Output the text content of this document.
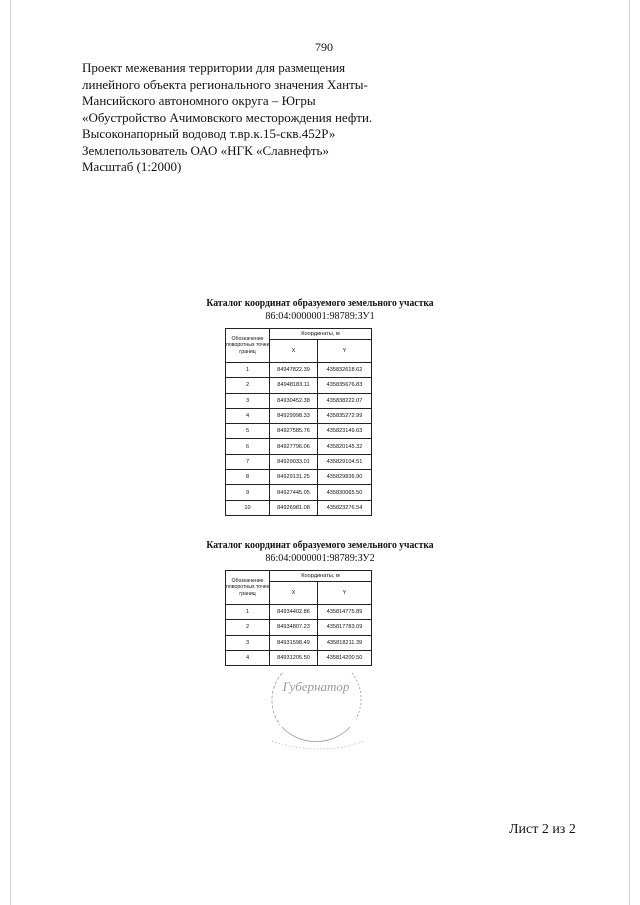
790
Проект межевания территории для размещения
линейного объекта регионального значения Ханты-
Мансийского автономного округа – Югры
«Обустройство Ачимовского месторождения нефти.
Высоконапорный водовод т.вр.к.15-скв.452Р»
Землепользователь ОАО «НГК «Славнефть»
Масштаб (1:2000)
Каталог координат образуемого земельного участка
86:04:0000001:98789:ЗУ1
Обозначение поворотных точек границ	Координаты, м	
	X	Y
1	84947822.39	435832618.62
2	84948183.11	435835676.83
3	84930452.38	435838222.07
4	84929998.33	435835272.99
5	84927585.76	435823149.63
6	84927796.06	435820145.32
7	84929033.01	435829104.51
8	84929131.25	435829836.90
9	84927445.05	435830065.50
10	84926981.08	435823276.54
Каталог координат образуемого земельного участка
86:04:0000001:98789:ЗУ2
Обозначение поворотных точек границ	Координаты, м	
	X	Y
1	84934402.86	435814775.89
2	84934807.23	435817783.09
3	84931598.49	435818211.39
4	84931205.50	435814200.50
Губернатор
Лист 2 из 2
